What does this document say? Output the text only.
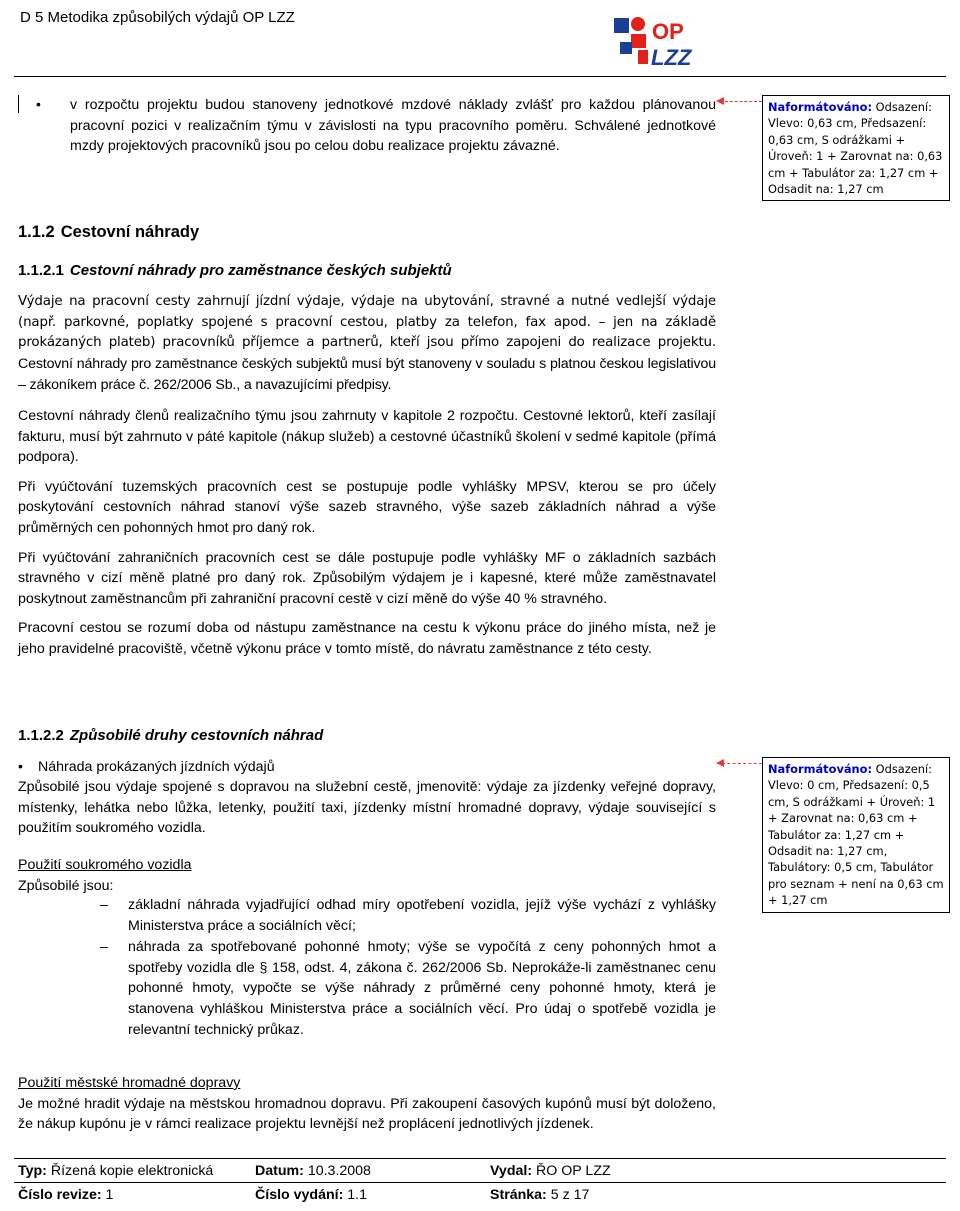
D 5 Metodika způsobilých výdajů OP LZZ
OP
LZZ
• v rozpočtu projektu budou stanoveny jednotkové mzdové náklady zvlášť pro každou plánovanou pracovní pozici v realizačním týmu v závislosti na typu pracovního poměru. Schválené jednotkové mzdy projektových pracovníků jsou po celou dobu realizace projektu závazné.
Naformátováno: Odsazení: Vlevo: 0,63 cm, Předsazení: 0,63 cm, S odrážkami + Úroveň: 1 + Zarovnat na: 0,63 cm + Tabulátor za: 1,27 cm + Odsadit na: 1,27 cm
1.1.2 Cestovní náhrady
1.1.2.1 Cestovní náhrady pro zaměstnance českých subjektů

Výdaje na pracovní cesty zahrnují jízdní výdaje, výdaje na ubytování, stravné a nutné vedlejší výdaje (např. parkovné, poplatky spojené s pracovní cestou, platby za telefon, fax apod. – jen na základě prokázaných plateb) pracovníků příjemce a partnerů, kteří jsou přímo zapojeni do realizace projektu. Cestovní náhrady pro zaměstnance českých subjektů musí být stanoveny v souladu s platnou českou legislativou – zákoníkem práce č. 262/2006 Sb., a navazujícími předpisy.

Cestovní náhrady členů realizačního týmu jsou zahrnuty v kapitole 2 rozpočtu. Cestovné lektorů, kteří zasílají fakturu, musí být zahrnuto v páté kapitole (nákup služeb) a cestovné účastníků školení v sedmé kapitole (přímá podpora).

Při vyúčtování tuzemských pracovních cest se postupuje podle vyhlášky MPSV, kterou se pro účely poskytování cestovních náhrad stanoví výše sazeb stravného, výše sazeb základních náhrad a výše průměrných cen pohonných hmot pro daný rok.

Při vyúčtování zahraničních pracovních cest se dále postupuje podle vyhlášky MF o základních sazbách stravného v cizí měně platné pro daný rok. Způsobilým výdajem je i kapesné, které může zaměstnavatel poskytnout zaměstnancům při zahraniční pracovní cestě v cizí měně do výše 40 % stravného.

Pracovní cestou se rozumí doba od nástupu zaměstnance na cestu k výkonu práce do jiného místa, než je jeho pravidelné pracoviště, včetně výkonu práce v tomto místě, do návratu zaměstnance z této cesty.

1.1.2.2 Způsobilé druhy cestovních náhrad
• Náhrada prokázaných jízdních výdajů	Naformátováno: Odsazení: Vlevo: 0 cm, Předsazení: 0,5 cm, S odrážkami + Úroveň: 1 + Zarovnat na: 0,63 cm + Tabulátor za: 1,27 cm + Odsadit na: 1,27 cm, Tabulátory: 0,5 cm, Tabulátor pro seznam + není na 0,63 cm + 1,27 cm
Způsobilé jsou výdaje spojené s dopravou na služební cestě, jmenovitě: výdaje za jízdenky veřejné dopravy, místenky, lehátka nebo lůžka, letenky, použití taxi, jízdenky místní hromadné dopravy, výdaje související s použitím soukromého vozidla.
Použití soukromého vozidla
Způsobilé jsou:
– základní náhrada vyjadřující odhad míry opotřebení vozidla, jejíž výše vychází z vyhlášky Ministerstva práce a sociálních věcí;
– náhrada za spotřebované pohonné hmoty; výše se vypočítá z ceny pohonných hmot a spotřeby vozidla dle § 158, odst. 4, zákona č. 262/2006 Sb. Neprokáže-li zaměstnanec cenu pohonné hmoty, vypočte se výše náhrady z průměrné ceny pohonné hmoty, která je stanovena vyhláškou Ministerstva práce a sociálních věcí. Pro údaj o spotřebě vozidla je relevantní technický průkaz.
Použití městské hromadné dopravy
Je možné hradit výdaje na městskou hromadnou dopravu. Při zakoupení časových kupónů musí být doloženo, že nákup kupónu je v rámci realizace projektu levnější než proplácení jednotlivých jízdenek.
Typ: Řízená kopie elektronická	Datum: 10.3.2008	Vydal: ŘO OP LZZ
Číslo revize: 1	Číslo vydání: 1.1	Stránka: 5 z 17
